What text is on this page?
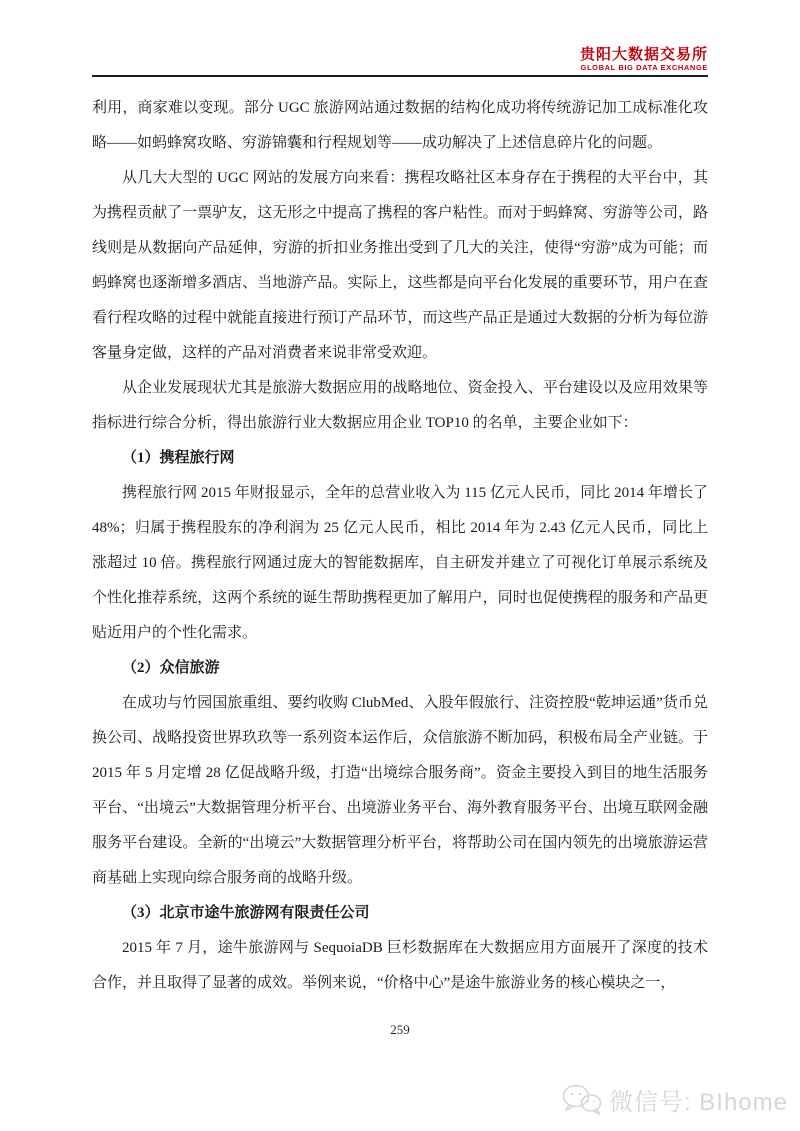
贵阳大数据交易所
GLOBAL BIG DATA EXCHANGE

利用，商家难以变现。部分 UGC 旅游网站通过数据的结构化成功将传统游记加工成标准化攻略——如蚂蜂窝攻略、穷游锦囊和行程规划等——成功解决了上述信息碎片化的问题。

从几大大型的 UGC 网站的发展方向来看：携程攻略社区本身存在于携程的大平台中，其为携程贡献了一票驴友，这无形之中提高了携程的客户粘性。而对于蚂蜂窝、穷游等公司，路线则是从数据向产品延伸，穷游的折扣业务推出受到了几大的关注，使得“穷游”成为可能；而蚂蜂窝也逐渐增多酒店、当地游产品。实际上，这些都是向平台化发展的重要环节，用户在查看行程攻略的过程中就能直接进行预订产品环节，而这些产品正是通过大数据的分析为每位游客量身定做，这样的产品对消费者来说非常受欢迎。

从企业发展现状尤其是旅游大数据应用的战略地位、资金投入、平台建设以及应用效果等指标进行综合分析，得出旅游行业大数据应用企业 TOP10 的名单，主要企业如下：

（1）携程旅行网

携程旅行网 2015 年财报显示，全年的总营业收入为 115 亿元人民币，同比 2014 年增长了 48%；归属于携程股东的净利润为 25 亿元人民币，相比 2014 年为 2.43 亿元人民币，同比上涨超过 10 倍。携程旅行网通过庞大的智能数据库，自主研发并建立了可视化订单展示系统及个性化推荐系统，这两个系统的诞生帮助携程更加了解用户，同时也促使携程的服务和产品更贴近用户的个性化需求。

（2）众信旅游

在成功与竹园国旅重组、要约收购 ClubMed、入股年假旅行、注资控股“乾坤运通”货币兑换公司、战略投资世界玖玖等一系列资本运作后，众信旅游不断加码，积极布局全产业链。于 2015 年 5 月定增 28 亿促战略升级，打造“出境综合服务商”。资金主要投入到目的地生活服务平台、“出境云”大数据管理分析平台、出境游业务平台、海外教育服务平台、出境互联网金融服务平台建设。全新的“出境云”大数据管理分析平台，将帮助公司在国内领先的出境旅游运营商基础上实现向综合服务商的战略升级。

（3）北京市途牛旅游网有限责任公司

2015 年 7 月，途牛旅游网与 SequoiaDB 巨杉数据库在大数据应用方面展开了深度的技术合作，并且取得了显著的成效。举例来说，“价格中心”是途牛旅游业务的核心模块之一，

259
微信号: BIhome
